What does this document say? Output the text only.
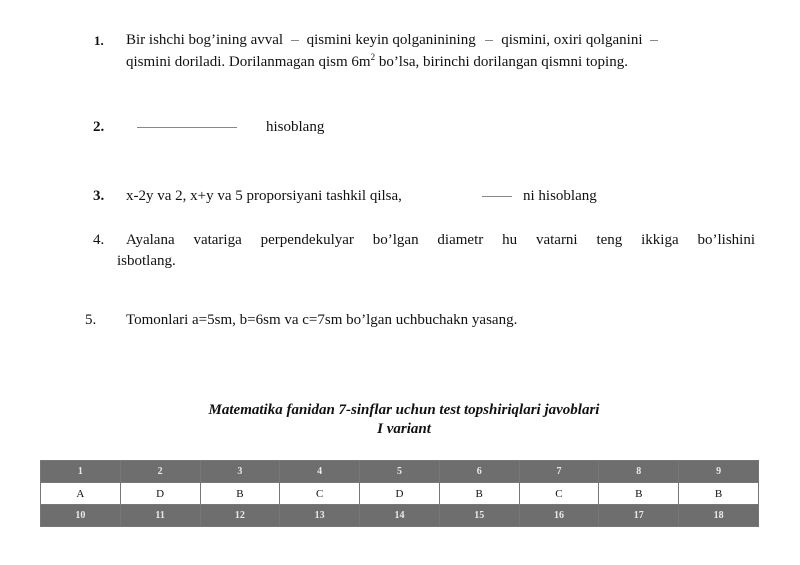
1. Bir ishchi bog’ining avval qismini keyin qolganinining qismini, oxiri qolganini
qismini doriladi. Dorilanmagan qism $6m^2$ bo’lsa, birinchi dorilangan qismni toping.
2.	hisoblang
3. x-2y va 2, x+y va 5 proporsiyani tashkil qilsa,	ni hisoblang
4. Ayalana vatariga perpendekulyar bo’lgan diametr hu vatarni teng ikkiga bo’lishini
isbotlang.
5. Tomonlari a=5sm, b=6sm va c=7sm bo’lgan uchbuchakn yasang.
Matematika fanidan 7-sinflar uchun test topshiriqlari javoblari
I variant
1	2	3	4	5	6	7	8	9
A	D	B	C	D	B	C	B	B
10	11	12	13	14	15	16	17	18
